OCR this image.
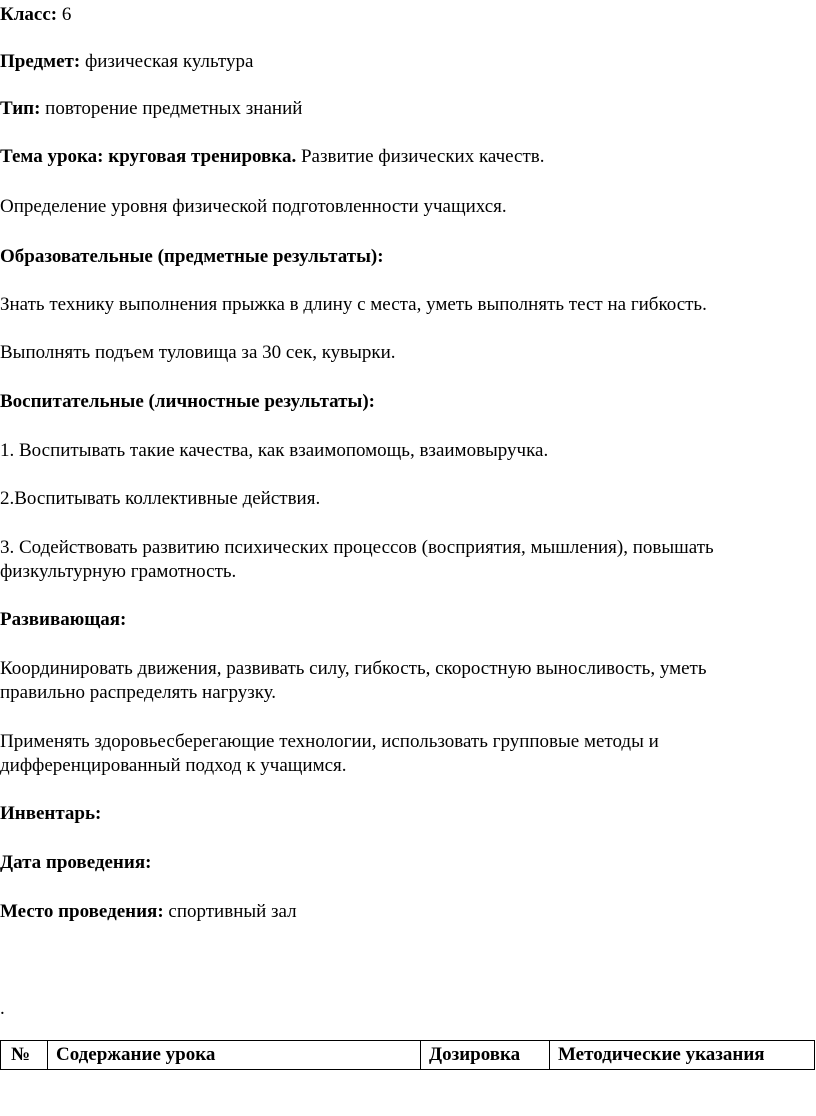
Класс: 6
Предмет: физическая культура
Тип: повторение предметных знаний
Тема урока: круговая тренировка. Развитие физических качеств.
Определение уровня физической подготовленности учащихся.
Образовательные (предметные результаты):
Знать технику выполнения прыжка в длину с места, уметь выполнять тест на гибкость.
Выполнять подъем туловища за 30 сек, кувырки.
Воспитательные (личностные результаты):
1. Воспитывать такие качества, как взаимопомощь, взаимовыручка.
2.Воспитывать коллективные действия.
3. Содействовать развитию психических процессов (восприятия, мышления), повышать
физкультурную грамотность.
Развивающая:
Координировать движения, развивать силу, гибкость, скоростную выносливость, уметь
правильно распределять нагрузку.
Применять здоровьесберегающие технологии, использовать групповые методы и
дифференцированный подход к учащимся.
Инвентарь:
Дата проведения:
Место проведения: спортивный зал
.
№	Содержание урока	Дозировка	Методические указания
